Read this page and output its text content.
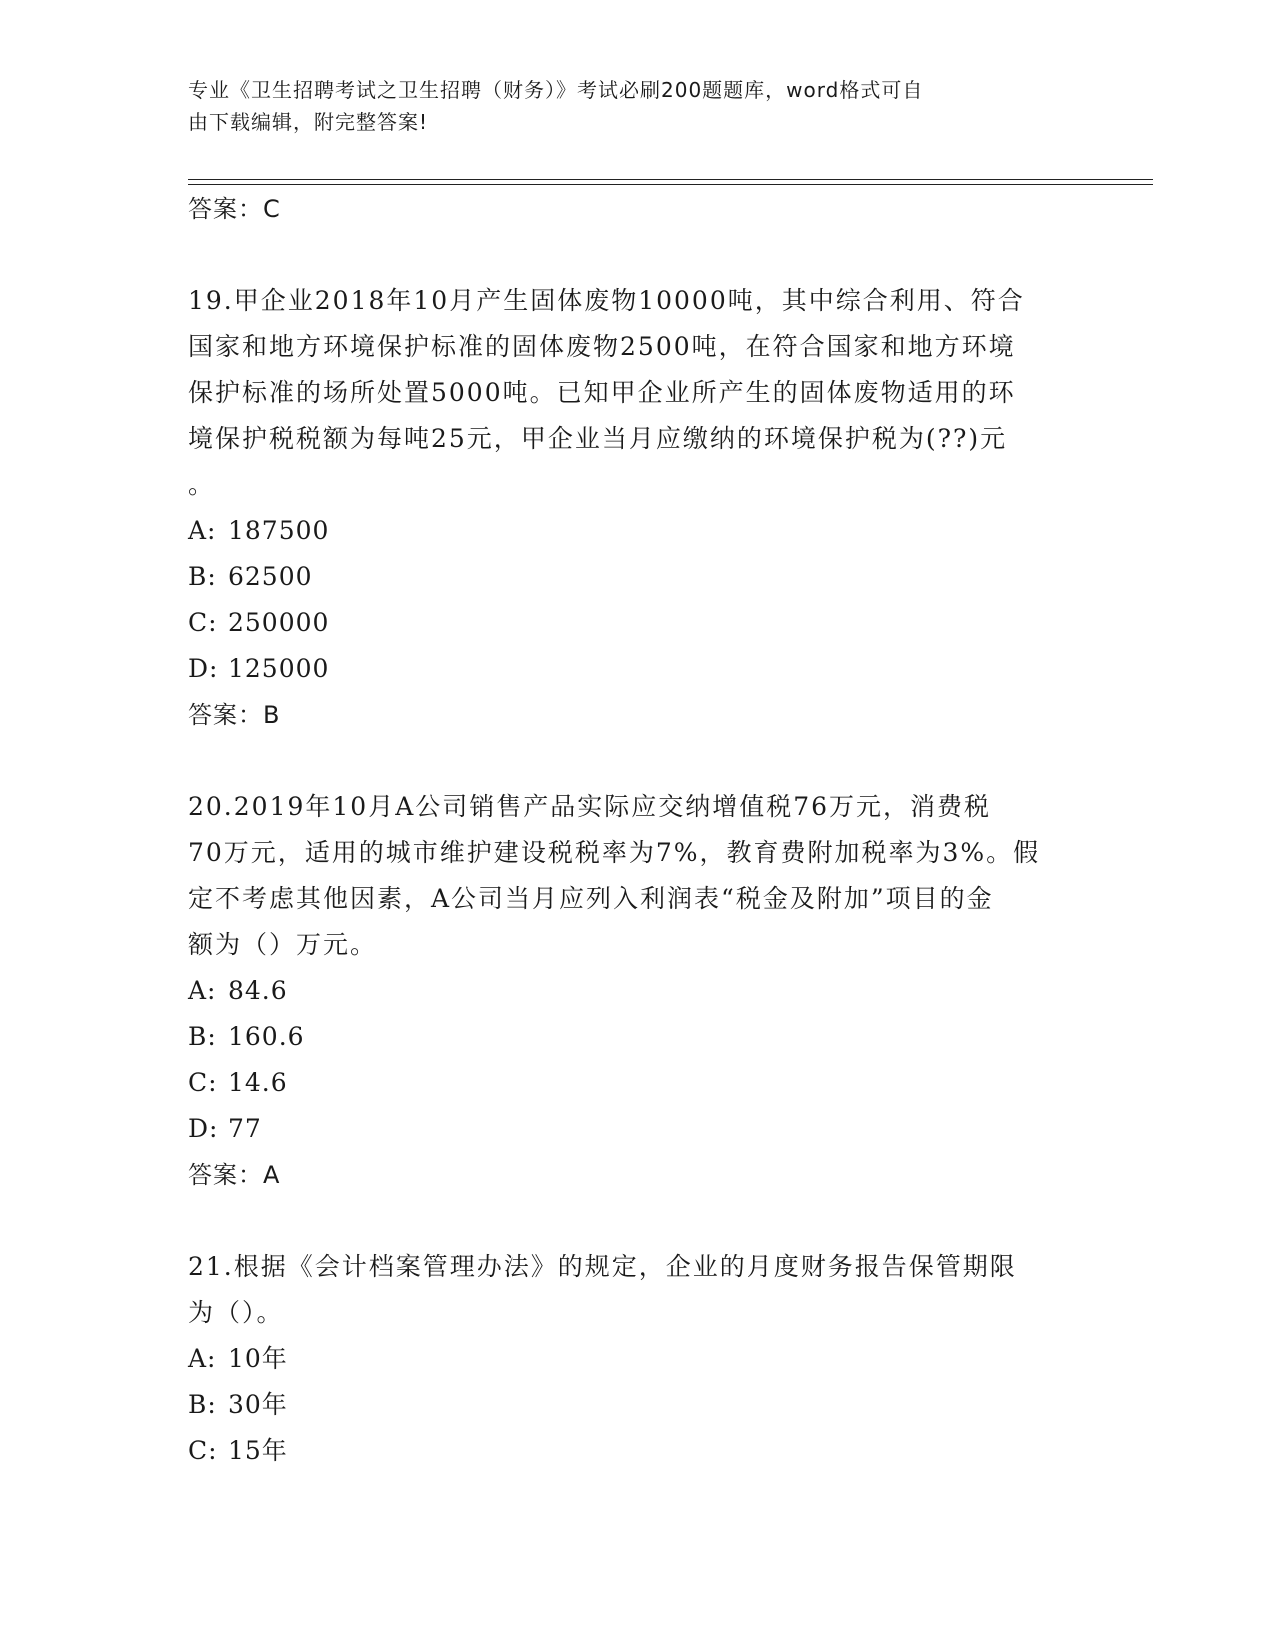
专业《卫生招聘考试之卫生招聘（财务）》考试必刷200题题库，word格式可自
由下载编辑，附完整答案!
答案：C

19.甲企业2018年10月产生固体废物10000吨，其中综合利用、符合
国家和地方环境保护标准的固体废物2500吨，在符合国家和地方环境
保护标准的场所处置5000吨。已知甲企业所产生的固体废物适用的环
境保护税税额为每吨25元，甲企业当月应缴纳的环境保护税为(??)元
。

A: 187500
B: 62500
C: 250000
D: 125000
答案：B

20.2019年10月A公司销售产品实际应交纳增值税76万元，消费税
70万元，适用的城市维护建设税税率为7%，教育费附加税率为3%。假
定不考虑其他因素，A公司当月应列入利润表“税金及附加”项目的金
额为（）万元。

A: 84.6
B: 160.6
C: 14.6
D: 77
答案：A

21.根据《会计档案管理办法》的规定，企业的月度财务报告保管期限
为（）。

A: 10年
B: 30年
C: 15年
